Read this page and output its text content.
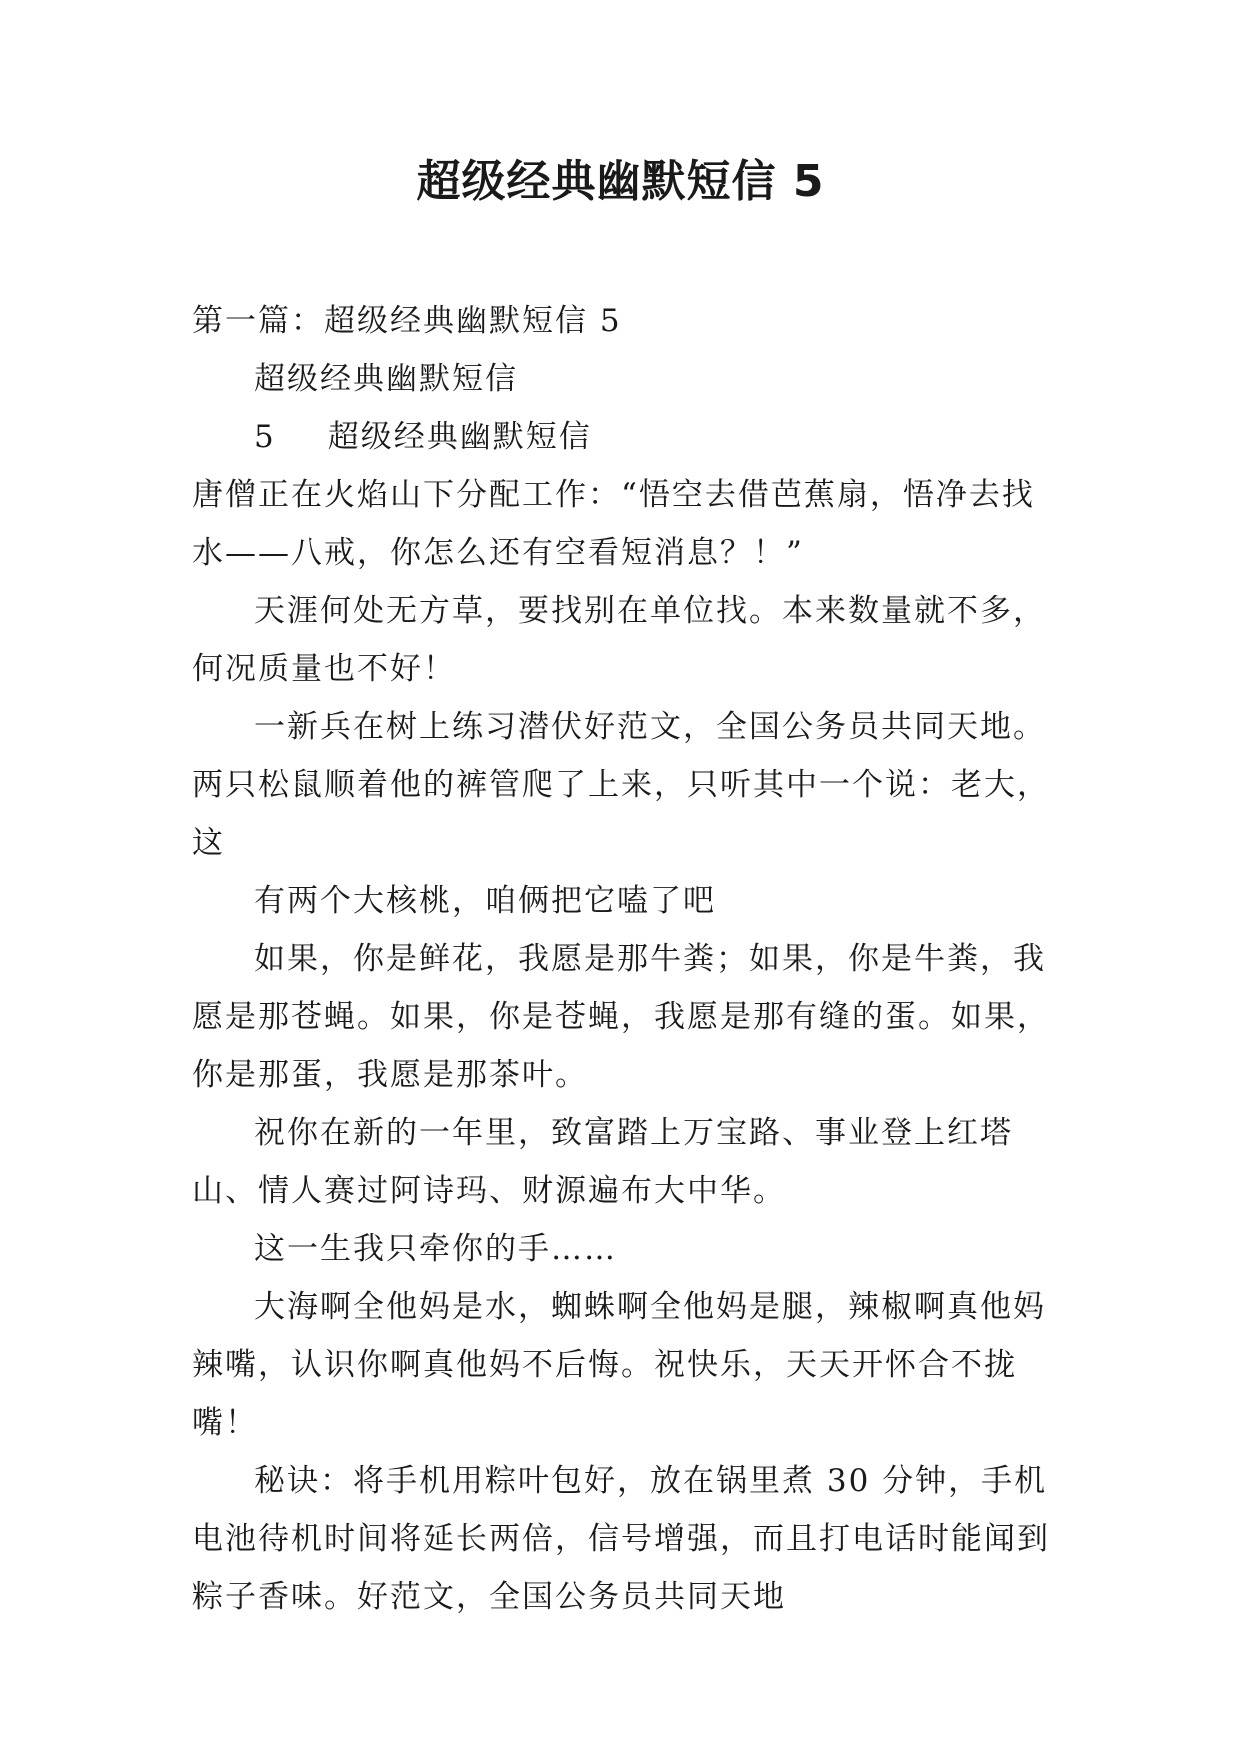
超级经典幽默短信 5

第一篇：超级经典幽默短信 5

超级经典幽默短信

5 超级经典幽默短信

唐僧正在火焰山下分配工作：“悟空去借芭蕉扇，悟净去找水——八戒，你怎么还有空看短消息？！”

天涯何处无方草，要找别在单位找。本来数量就不多，何况质量也不好！

一新兵在树上练习潜伏好范文，全国公务员共同天地。两只松鼠顺着他的裤管爬了上来，只听其中一个说：老大，这

有两个大核桃，咱俩把它嗑了吧

如果，你是鲜花，我愿是那牛粪；如果，你是牛粪，我愿是那苍蝇。如果，你是苍蝇，我愿是那有缝的蛋。如果，你是那蛋，我愿是那茶叶。

祝你在新的一年里，致富踏上万宝路、事业登上红塔山、情人赛过阿诗玛、财源遍布大中华。

这一生我只牵你的手……

大海啊全他妈是水，蜘蛛啊全他妈是腿，辣椒啊真他妈辣嘴，认识你啊真他妈不后悔。祝快乐，天天开怀合不拢嘴！

秘诀：将手机用粽叶包好，放在锅里煮 30 分钟，手机电池待机时间将延长两倍，信号增强，而且打电话时能闻到粽子香味。好范文，全国公务员共同天地
